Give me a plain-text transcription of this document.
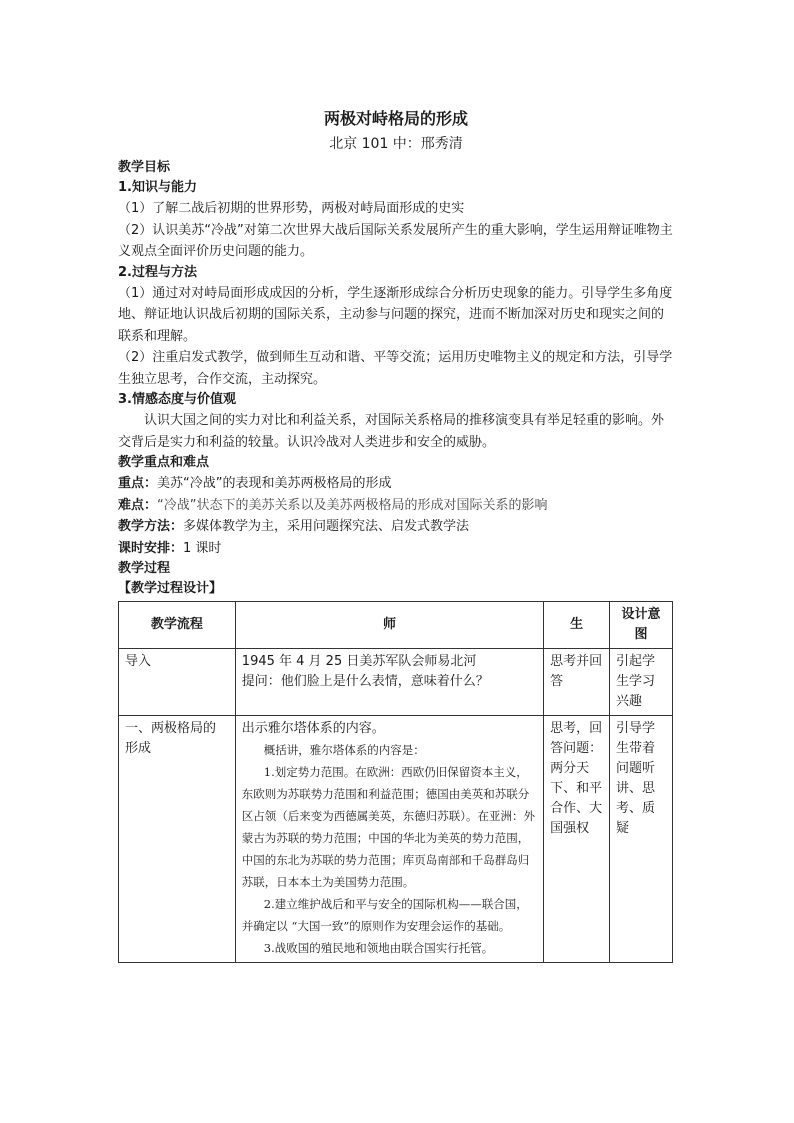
两极对峙格局的形成
北京 101 中：邢秀清
教学目标
1.知识与能力
（1）了解二战后初期的世界形势，两极对峙局面形成的史实
（2）认识美苏“冷战”对第二次世界大战后国际关系发展所产生的重大影响，学生运用辩证唯物主义观点全面评价历史问题的能力。
2.过程与方法
（1）通过对对峙局面形成成因的分析，学生逐渐形成综合分析历史现象的能力。引导学生多角度地、辩证地认识战后初期的国际关系，主动参与问题的探究，进而不断加深对历史和现实之间的联系和理解。
（2）注重启发式教学，做到师生互动和谐、平等交流；运用历史唯物主义的规定和方法，引导学生独立思考，合作交流，主动探究。
3.情感态度与价值观
认识大国之间的实力对比和利益关系，对国际关系格局的推移演变具有举足轻重的影响。外交背后是实力和利益的较量。认识冷战对人类进步和安全的威胁。
教学重点和难点
重点：美苏“冷战”的表现和美苏两极格局的形成
难点：“冷战”状态下的美苏关系以及美苏两极格局的形成对国际关系的影响
教学方法：多媒体教学为主，采用问题探究法、启发式教学法
课时安排：1 课时
教学过程
【教学过程设计】
教学流程	师	生	设计意图
导入	1945 年 4 月 25 日美苏军队会师易北河
提问：他们脸上是什么表情，意味着什么？	思考并回答	引起学生学习兴趣
一、两极格局的形成	出示雅尔塔体系的内容。
概括讲，雅尔塔体系的内容是：
1.划定势力范围。在欧洲：西欧仍旧保留资本主义，东欧则为苏联势力范围和利益范围；德国由美英和苏联分区占领（后来变为西德属美英，东德归苏联）。在亚洲：外蒙古为苏联的势力范围；中国的华北为美英的势力范围，中国的东北为苏联的势力范围；库页岛南部和千岛群岛归苏联，日本本土为美国势力范围。
2.建立维护战后和平与安全的国际机构——联合国，并确定以 “大国一致”的原则作为安理会运作的基础。
3.战败国的殖民地和领地由联合国实行托管。	思考，回答问题：两分天下、和平合作、大国强权	引导学生带着问题听讲、思考、质疑
